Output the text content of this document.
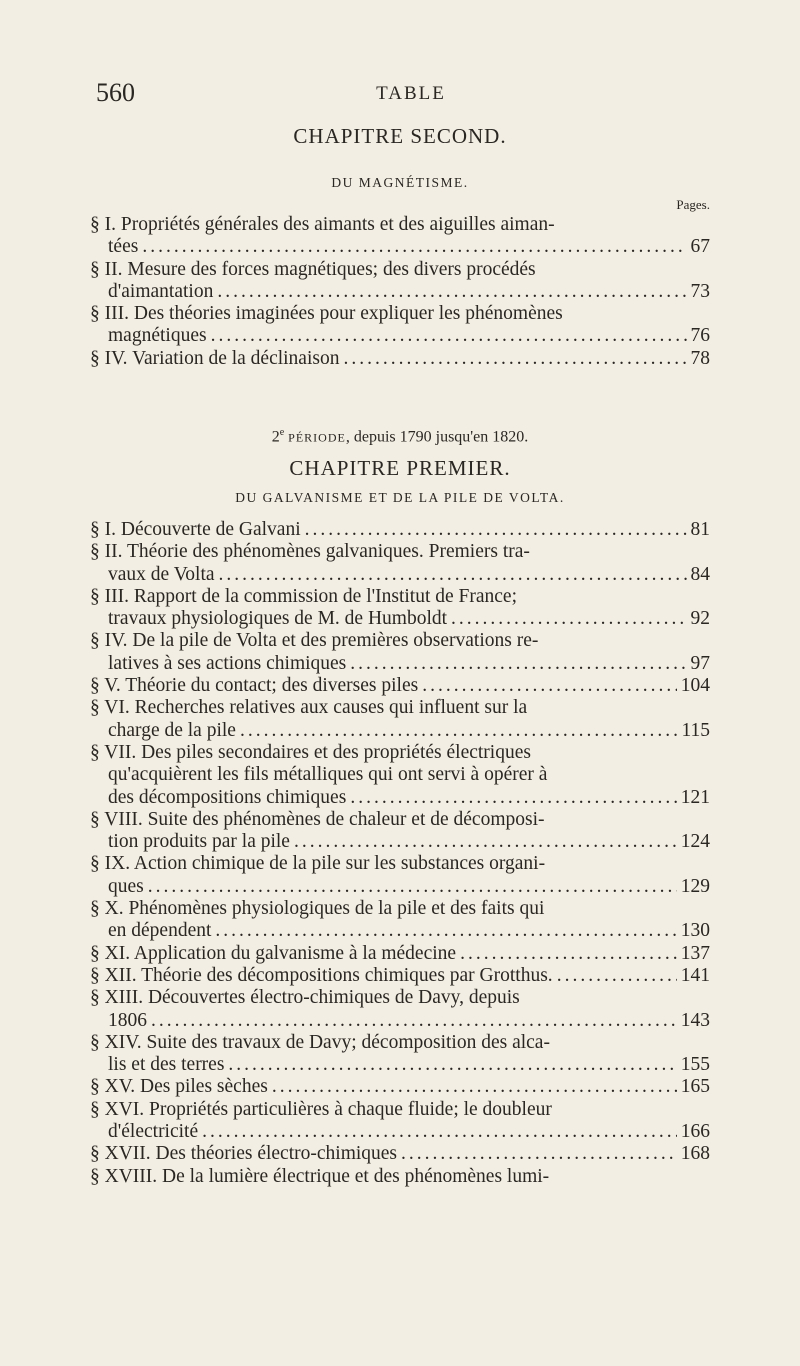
560	TABLE
CHAPITRE SECOND.
DU MAGNÉTISME.
Pages.
§ I. Propriétés générales des aimants et des aiguilles aiman-
tées .....	67
§ II. Mesure des forces magnétiques; des divers procédés
d'aimantation .....	73
§ III. Des théories imaginées pour expliquer les phénomènes
magnétiques .....	76
§ IV. Variation de la déclinaison .....	78
2e PÉRIODE, depuis 1790 jusqu'en 1820.
CHAPITRE PREMIER.
DU GALVANISME ET DE LA PILE DE VOLTA.
§ I. Découverte de Galvani .....	81
§ II. Théorie des phénomènes galvaniques. Premiers tra-
vaux de Volta .....	84
§ III. Rapport de la commission de l'Institut de France;
travaux physiologiques de M. de Humboldt .....	92
§ IV. De la pile de Volta et des premières observations re-
latives à ses actions chimiques .....	97
§ V. Théorie du contact; des diverses piles .....	104
§ VI. Recherches relatives aux causes qui influent sur la
charge de la pile .....	115
§ VII. Des piles secondaires et des propriétés électriques
qu'acquièrent les fils métalliques qui ont servi à opérer à
des décompositions chimiques .....	121
§ VIII. Suite des phénomènes de chaleur et de décomposi-
tion produits par la pile .....	124
§ IX. Action chimique de la pile sur les substances organi-
ques .....	129
§ X. Phénomènes physiologiques de la pile et des faits qui
en dépendent .....	130
§ XI. Application du galvanisme à la médecine .....	137
§ XII. Théorie des décompositions chimiques par Grotthus. .....	141
§ XIII. Découvertes électro-chimiques de Davy, depuis
1806 .....	143
§ XIV. Suite des travaux de Davy; décomposition des alca-
lis et des terres .....	155
§ XV. Des piles sèches .....	165
§ XVI. Propriétés particulières à chaque fluide; le doubleur
d'électricité .....	166
§ XVII. Des théories électro-chimiques .....	168
§ XVIII. De la lumière électrique et des phénomènes lumi-
